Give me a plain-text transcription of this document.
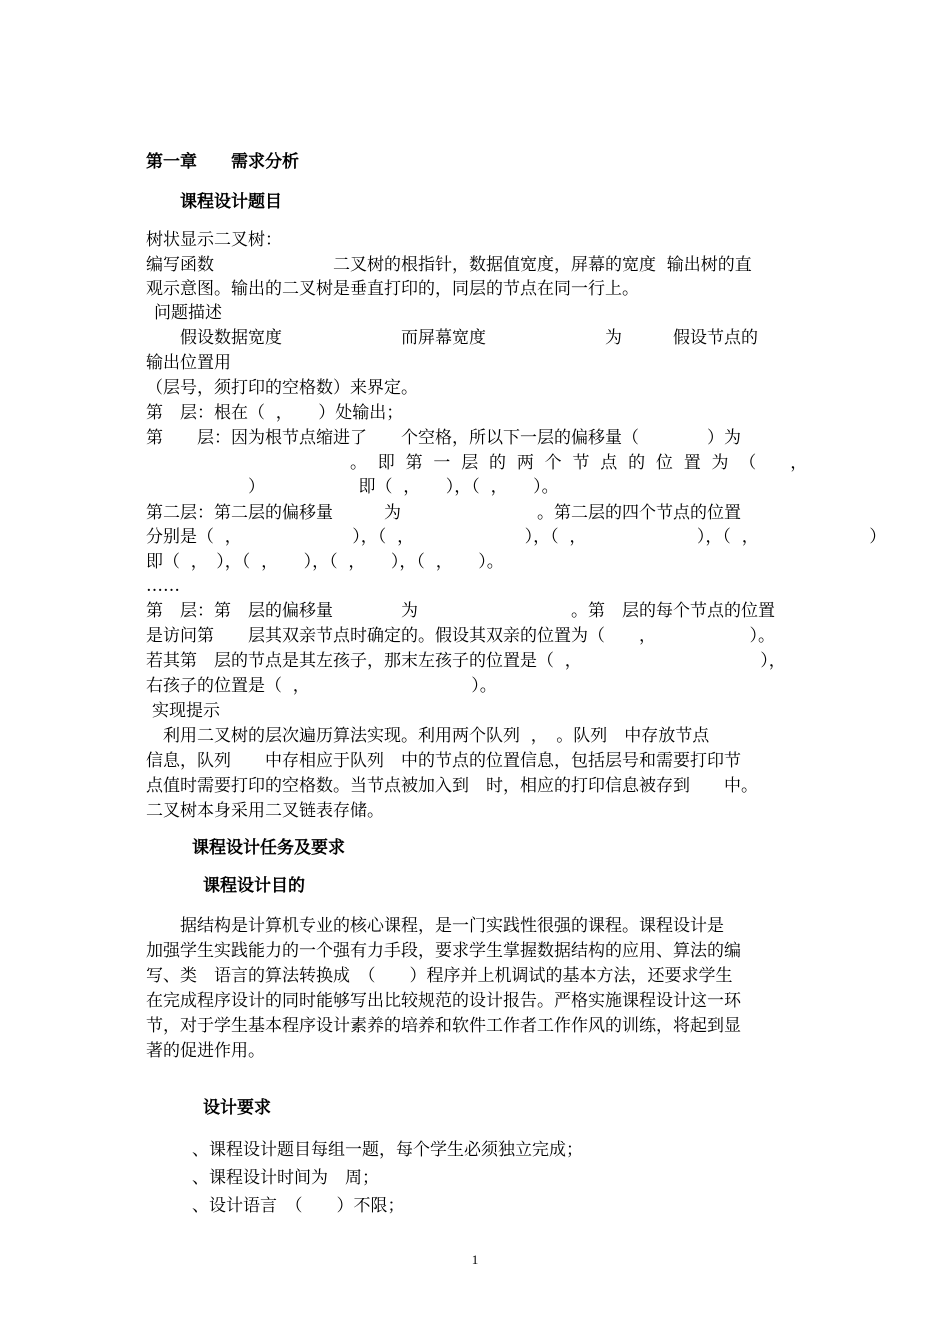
第一章　　需求分析
课程设计题目
树状显示二叉树：
编写函数　　　　　　　二叉树的根指针，数据值宽度，屏幕的宽度  输出树的直
观示意图。输出的二叉树是垂直打印的，同层的节点在同一行上。
问题描述
　　假设数据宽度　　　　　　　而屏幕宽度　　　　　　　为　　　假设节点的
输出位置用
（层号，须打印的空格数）来界定。
第　层：根在（  ，　　）处输出；
第　　层：因为根节点缩进了　　个空格，所以下一层的偏移量（　　　　）为
　　　　　　　　　　　　。  即  第  一  层  的  两  个  节  点  的  位  置  为  （　　，
　　　　　　）　　　　　　即（  ，　　），（  ，　　）。
第二层：第二层的偏移量　　　为　　　　　　　　。第二层的四个节点的位置
分别是（  ，　　　　　　　），（  ，　　　　　　　），（  ，　　　　　　　），（  ，　　　　　　　）
即（  ，　），（  ，　　），（  ，　　），（  ，　　）。
……
第　层：第　层的偏移量　　　　为　　　　　　　　　。第　层的每个节点的位置
是访问第　　层其双亲节点时确定的。假设其双亲的位置为（　　，　　　　　　）。
若其第　层的节点是其左孩子，那末左孩子的位置是（  ，　　　　　　　　　　　），
右孩子的位置是（  ，　　　　　　　　　　）。
实现提示
　利用二叉树的层次遍历算法实现。利用两个队列  ，　。队列　中存放节点
信息，队列　　中存相应于队列　中的节点的位置信息，包括层号和需要打印节
点值时需要打印的空格数。当节点被加入到　时，相应的打印信息被存到　　中。
二叉树本身采用二叉链表存储。
课程设计任务及要求
课程设计目的
　　据结构是计算机专业的核心课程，是一门实践性很强的课程。课程设计是
加强学生实践能力的一个强有力手段，要求学生掌握数据结构的应用、算法的编
写、类　语言的算法转换成　（　　）程序并上机调试的基本方法，还要求学生
在完成程序设计的同时能够写出比较规范的设计报告。严格实施课程设计这一环
节，对于学生基本程序设计素养的培养和软件工作者工作作风的训练，将起到显
著的促进作用。
设计要求
、课程设计题目每组一题，每个学生必须独立完成；
、课程设计时间为　周；
、设计语言　（　　）不限；
1
